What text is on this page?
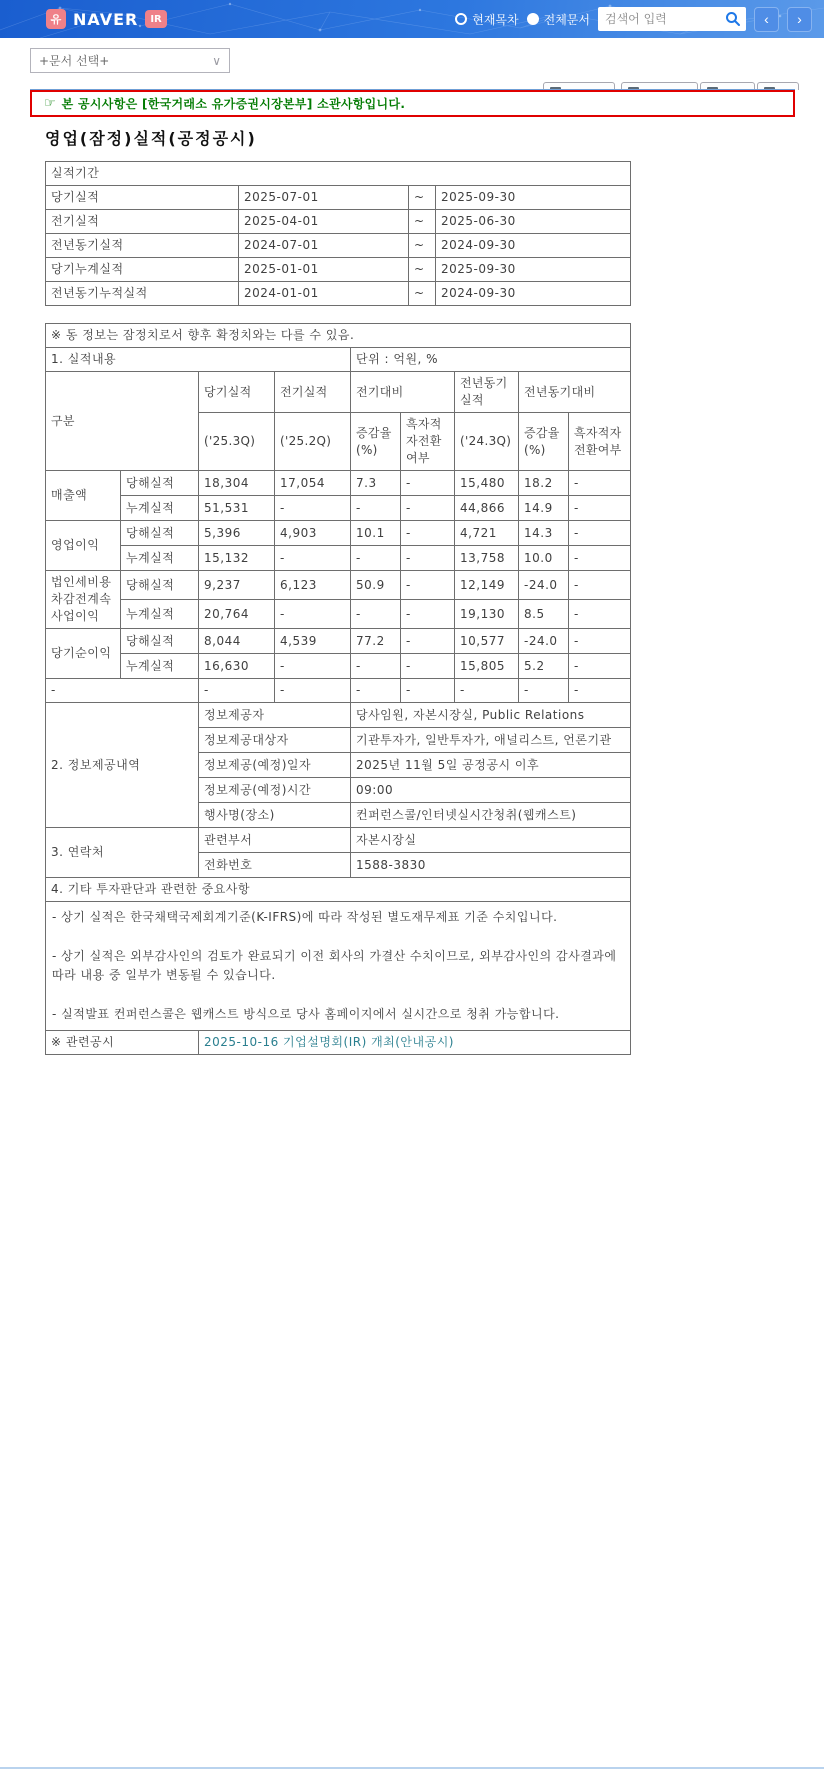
유 NAVER	IR	현재목차 전체문서
검색어 입력	‹	›
+문서 선택+	∨
☞ 본 공시사항은 [한국거래소 유가증권시장본부] 소관사항입니다.
영업(잠정)실적(공정공시)
실적기간			
당기실적	2025-07-01	~	2025-09-30
전기실적	2025-04-01	~	2025-06-30
전년동기실적	2024-07-01	~	2024-09-30
당기누계실적	2025-01-01	~	2025-09-30
전년동기누적실적	2024-01-01	~	2024-09-30
※ 동 정보는 잠정치로서 향후 확정치와는 다를 수 있음.								
1. 실적내용				단위 : 억원, %				
구분		당기실적	전기실적	전기대비		전년동기실적	전년동기대비	
		('25.3Q)	('25.2Q)	증감율(%)	흑자적자전환여부	('24.3Q)	증감율(%)	흑자적자전환여부
매출액	당해실적	18,304	17,054	7.3	-	15,480	18.2	-
	누계실적	51,531	-	-	-	44,866	14.9	-
영업이익	당해실적	5,396	4,903	10.1	-	4,721	14.3	-
	누계실적	15,132	-	-	-	13,758	10.0	-
법인세비용차감전계속사업이익	당해실적	9,237	6,123	50.9	-	12,149	-24.0	-
	누계실적	20,764	-	-	-	19,130	8.5	-
당기순이익	당해실적	8,044	4,539	77.2	-	10,577	-24.0	-
	누계실적	16,630	-	-	-	15,805	5.2	-
-		-	-	-	-	-	-	-
2. 정보제공내역		정보제공자		당사임원, 자본시장실, Public Relations				
		정보제공대상자		기관투자가, 일반투자가, 애널리스트, 언론기관				
		정보제공(예정)일자		2025년 11월 5일 공정공시 이후				
		정보제공(예정)시간		09:00				
		행사명(장소)		컨퍼런스콜/인터넷실시간청취(웹캐스트)				
3. 연락처		관련부서		자본시장실				
		전화번호		1588-3830				
4. 기타 투자판단과 관련한 중요사항								

- 상기 실적은 한국채택국제회계기준(K-IFRS)에 따라 작성된 별도재무제표 기준 수치입니다.

- 상기 실적은 외부감사인의 검토가 완료되기 이전 회사의 가결산 수치이므로, 외부감사인의 감사결과에 따라 내용 중 일부가 변동될 수 있습니다.

- 실적발표 컨퍼런스콜은 웹캐스트 방식으로 당사 홈페이지에서 실시간으로 청취 가능합니다.								

※ 관련공시		2025-10-16 기업설명회(IR) 개최(안내공시)						
